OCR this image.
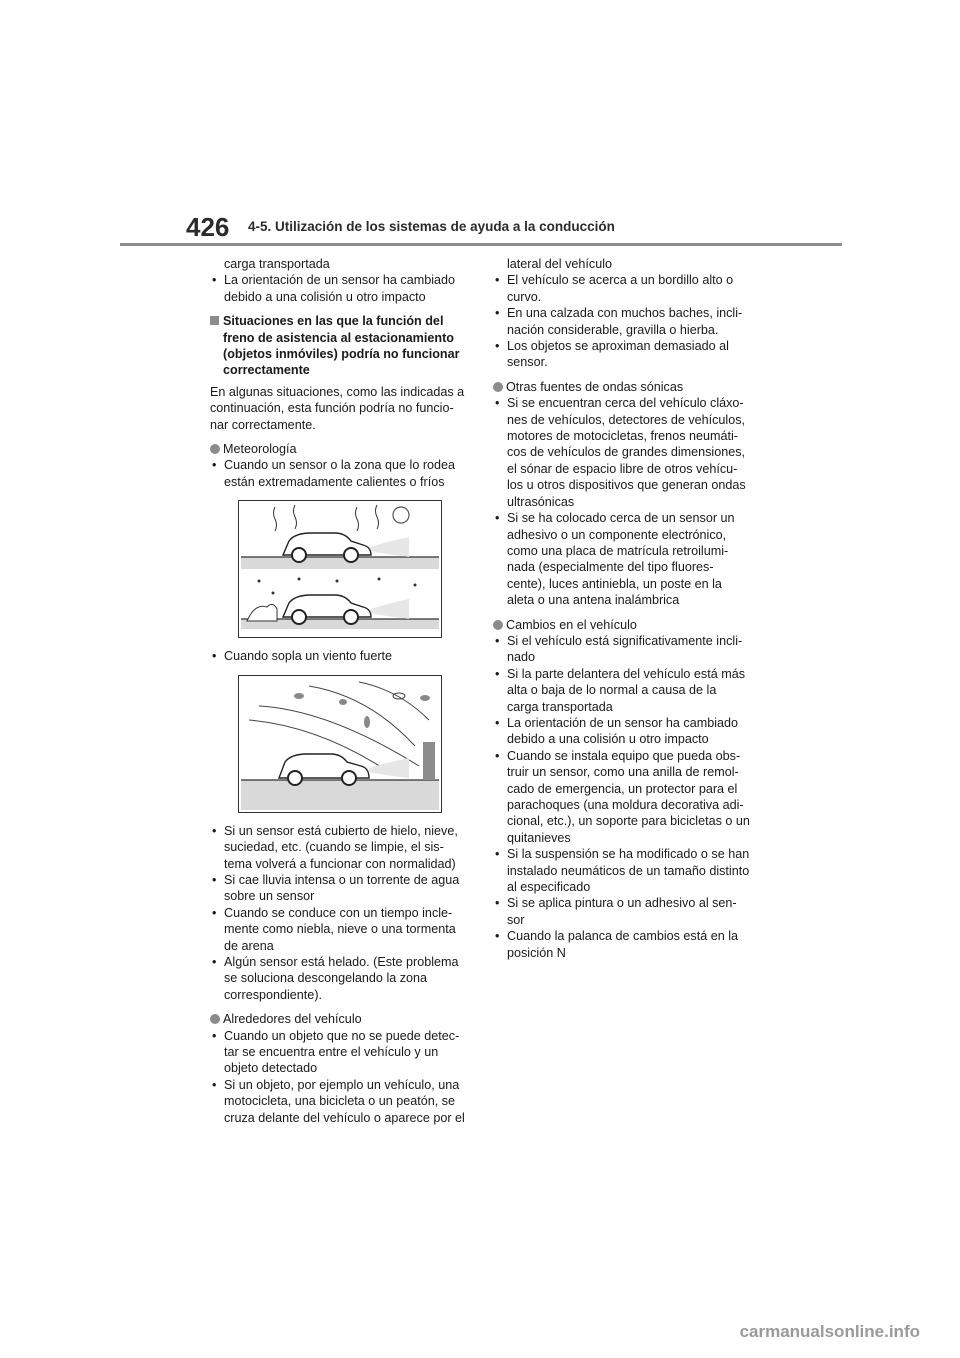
426 4-5. Utilización de los sistemas de ayuda a la conducción
carga transportada
• La orientación de un sensor ha cambiado debido a una colisión u otro impacto
Situaciones en las que la función del freno de asistencia al estacionamiento (objetos inmóviles) podría no funcionar correctamente
En algunas situaciones, como las indicadas a continuación, esta función podría no funcio-nar correctamente.
Meteorología
• Cuando un sensor o la zona que lo rodea están extremadamente calientes o fríos
• Cuando sopla un viento fuerte
• Si un sensor está cubierto de hielo, nieve, suciedad, etc. (cuando se limpie, el sis-tema volverá a funcionar con normalidad)
• Si cae lluvia intensa o un torrente de agua sobre un sensor
• Cuando se conduce con un tiempo incle-mente como niebla, nieve o una tormenta de arena
• Algún sensor está helado. (Este problema se soluciona descongelando la zona correspondiente).
Alrededores del vehículo
• Cuando un objeto que no se puede detec-tar se encuentra entre el vehículo y un objeto detectado
• Si un objeto, por ejemplo un vehículo, una motocicleta, una bicicleta o un peatón, se cruza delante del vehículo o aparece por el
lateral del vehículo
• El vehículo se acerca a un bordillo alto o curvo.
• En una calzada con muchos baches, incli-nación considerable, gravilla o hierba.
• Los objetos se aproximan demasiado al sensor.
Otras fuentes de ondas sónicas
• Si se encuentran cerca del vehículo cláxo-nes de vehículos, detectores de vehículos, motores de motocicletas, frenos neumáti-cos de vehículos de grandes dimensiones, el sónar de espacio libre de otros vehícu-los u otros dispositivos que generan ondas ultrasónicas
• Si se ha colocado cerca de un sensor un adhesivo o un componente electrónico, como una placa de matrícula retroilumi-nada (especialmente del tipo fluores-cente), luces antiniebla, un poste en la aleta o una antena inalámbrica
Cambios en el vehículo
• Si el vehículo está significativamente incli-nado
• Si la parte delantera del vehículo está más alta o baja de lo normal a causa de la carga transportada
• La orientación de un sensor ha cambiado debido a una colisión u otro impacto
• Cuando se instala equipo que pueda obs-truir un sensor, como una anilla de remol-cado de emergencia, un protector para el parachoques (una moldura decorativa adi-cional, etc.), un soporte para bicicletas o un quitanieves
• Si la suspensión se ha modificado o se han instalado neumáticos de un tamaño distinto al especificado
• Si se aplica pintura o un adhesivo al sen-sor
• Cuando la palanca de cambios está en la posición N
carmanualsonline.info
